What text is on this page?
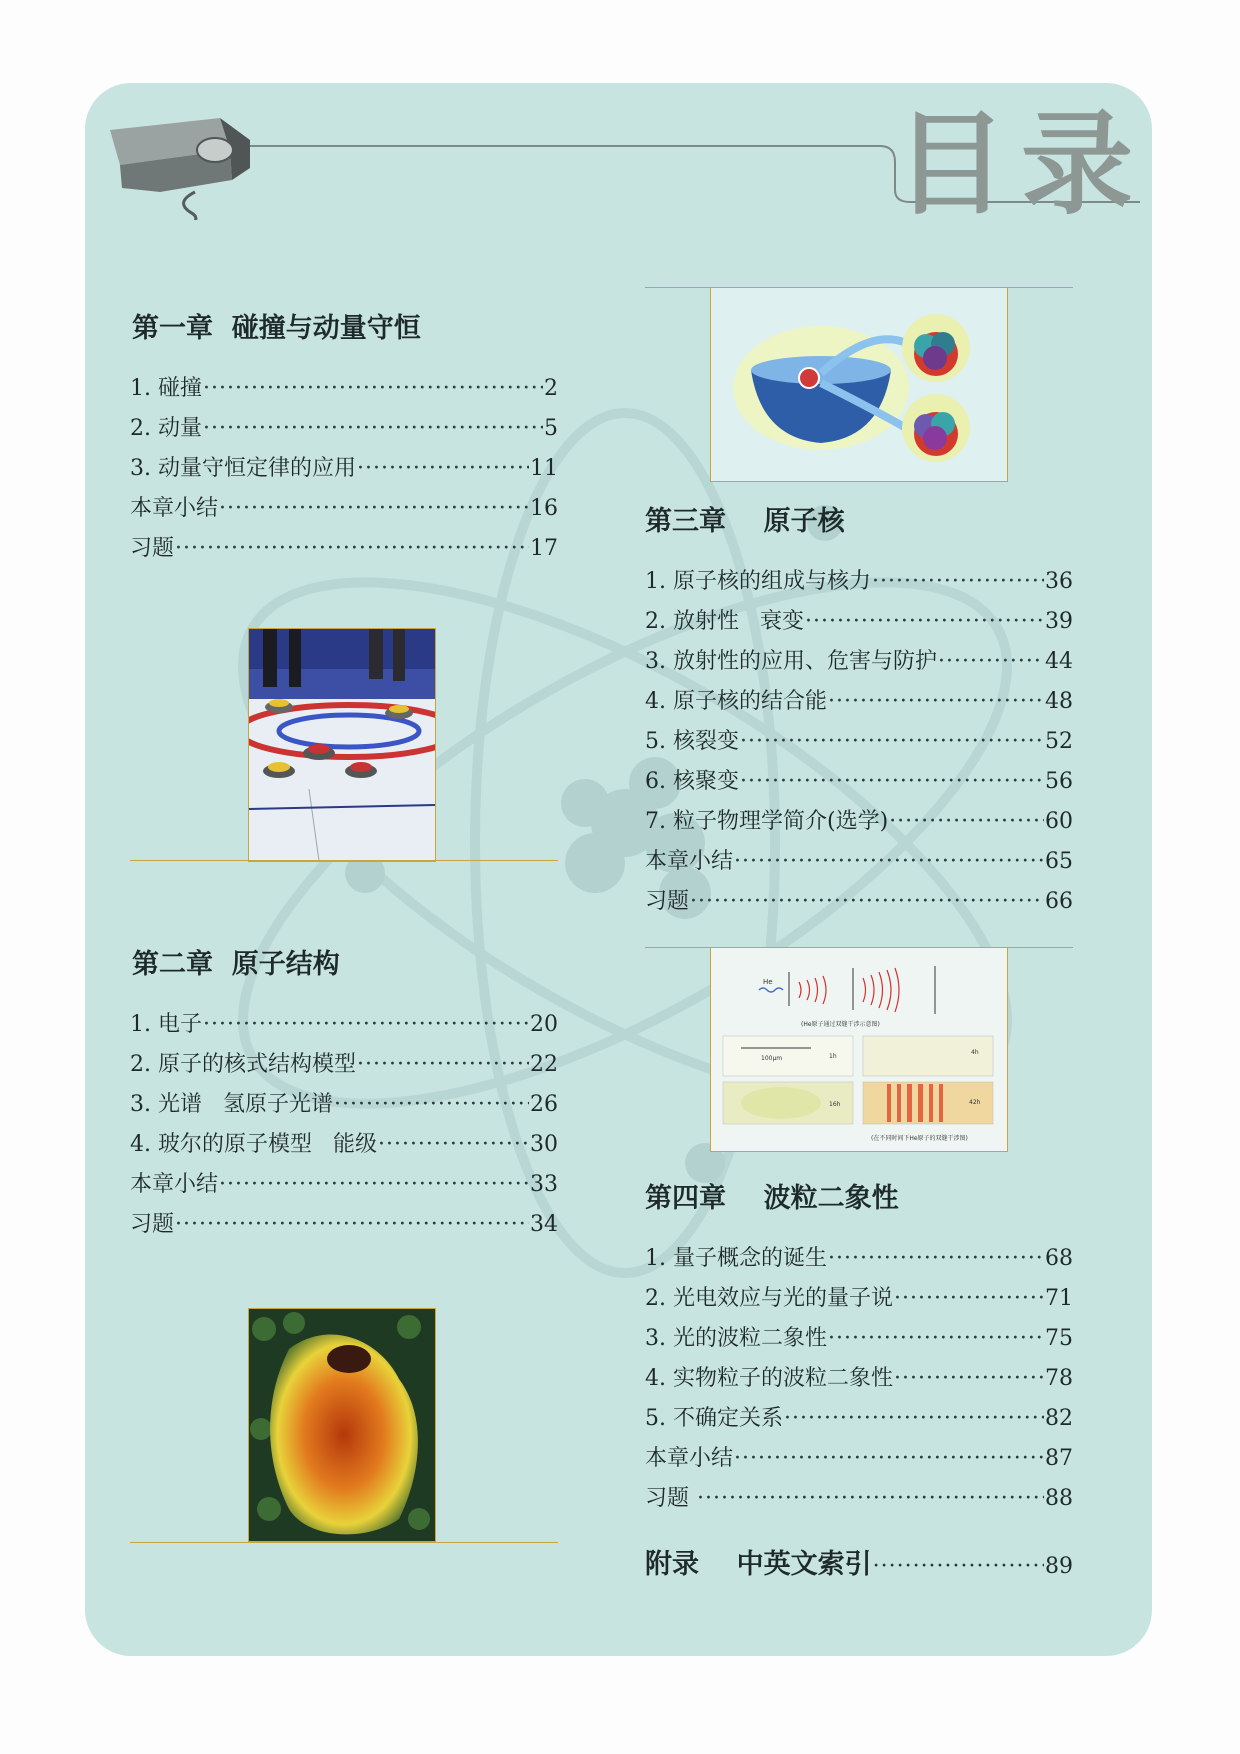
目录
第一章  碰撞与动量守恒
1. 碰撞 ·····	2
2. 动量 ·····	5
3. 动量守恒定律的应用 ·····	11
本章小结 ·····	16
习题 ·····	17
第二章  原子结构
1. 电子 ·····	20
2. 原子的核式结构模型 ·····	22
3. 光谱   氢原子光谱 ·····	26
4. 玻尔的原子模型   能级 ·····	30
本章小结 ·····	33
习题 ·····	34
第三章    原子核
1. 原子核的组成与核力 ·····	36
2. 放射性   衰变 ·····	39
3. 放射性的应用、危害与防护 ·····	44
4. 原子核的结合能 ·····	48
5. 核裂变 ·····	52
6. 核聚变 ·····	56
7. 粒子物理学简介(选学) ·····	60
本章小结 ·····	65
习题 ·····	66
He
(He原子通过双缝干涉示意图)
100μm	1h
4h
16h	42h
(在不同时间下He原子的双缝干涉图)
第四章    波粒二象性
1. 量子概念的诞生 ·····	68
2. 光电效应与光的量子说 ·····	71
3. 光的波粒二象性 ·····	75
4. 实物粒子的波粒二象性 ·····	78
5. 不确定关系 ·····	82
本章小结 ·····	87
习题 ·····	88
附录    中英文索引 ·····	89
